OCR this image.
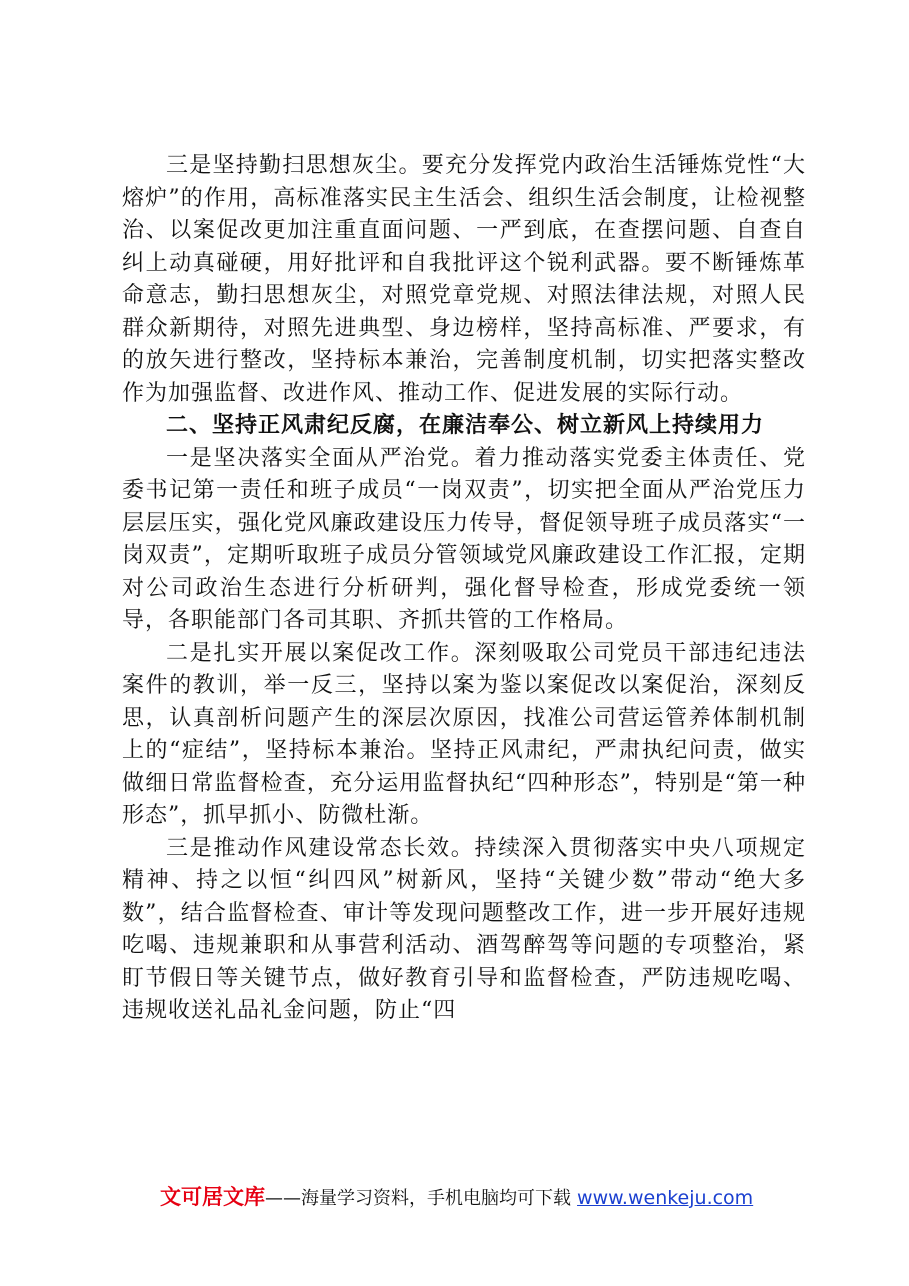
三是坚持勤扫思想灰尘。要充分发挥党内政治生活锤炼党性“大熔炉”的作用，高标准落实民主生活会、组织生活会制度，让检视整治、以案促改更加注重直面问题、一严到底，在查摆问题、自查自纠上动真碰硬，用好批评和自我批评这个锐利武器。要不断锤炼革命意志，勤扫思想灰尘，对照党章党规、对照法律法规，对照人民群众新期待，对照先进典型、身边榜样，坚持高标准、严要求，有的放矢进行整改，坚持标本兼治，完善制度机制，切实把落实整改作为加强监督、改进作风、推动工作、促进发展的实际行动。

二、坚持正风肃纪反腐，在廉洁奉公、树立新风上持续用力

一是坚决落实全面从严治党。着力推动落实党委主体责任、党委书记第一责任和班子成员“一岗双责”，切实把全面从严治党压力层层压实，强化党风廉政建设压力传导，督促领导班子成员落实“一岗双责”，定期听取班子成员分管领域党风廉政建设工作汇报，定期对公司政治生态进行分析研判，强化督导检查，形成党委统一领导，各职能部门各司其职、齐抓共管的工作格局。

二是扎实开展以案促改工作。深刻吸取公司党员干部违纪违法案件的教训，举一反三，坚持以案为鉴以案促改以案促治，深刻反思，认真剖析问题产生的深层次原因，找准公司营运管养体制机制上的“症结”，坚持标本兼治。坚持正风肃纪，严肃执纪问责，做实做细日常监督检查，充分运用监督执纪“四种形态”，特别是“第一种形态”，抓早抓小、防微杜渐。

三是推动作风建设常态长效。持续深入贯彻落实中央八项规定精神、持之以恒“纠四风”树新风，坚持“关键少数”带动“绝大多数”，结合监督检查、审计等发现问题整改工作，进一步开展好违规吃喝、违规兼职和从事营利活动、酒驾醉驾等问题的专项整治，紧盯节假日等关键节点，做好教育引导和监督检查，严防违规吃喝、违规收送礼品礼金问题，防止“四

文可居文库——海量学习资料，手机电脑均可下载 www.wenkeju.com
